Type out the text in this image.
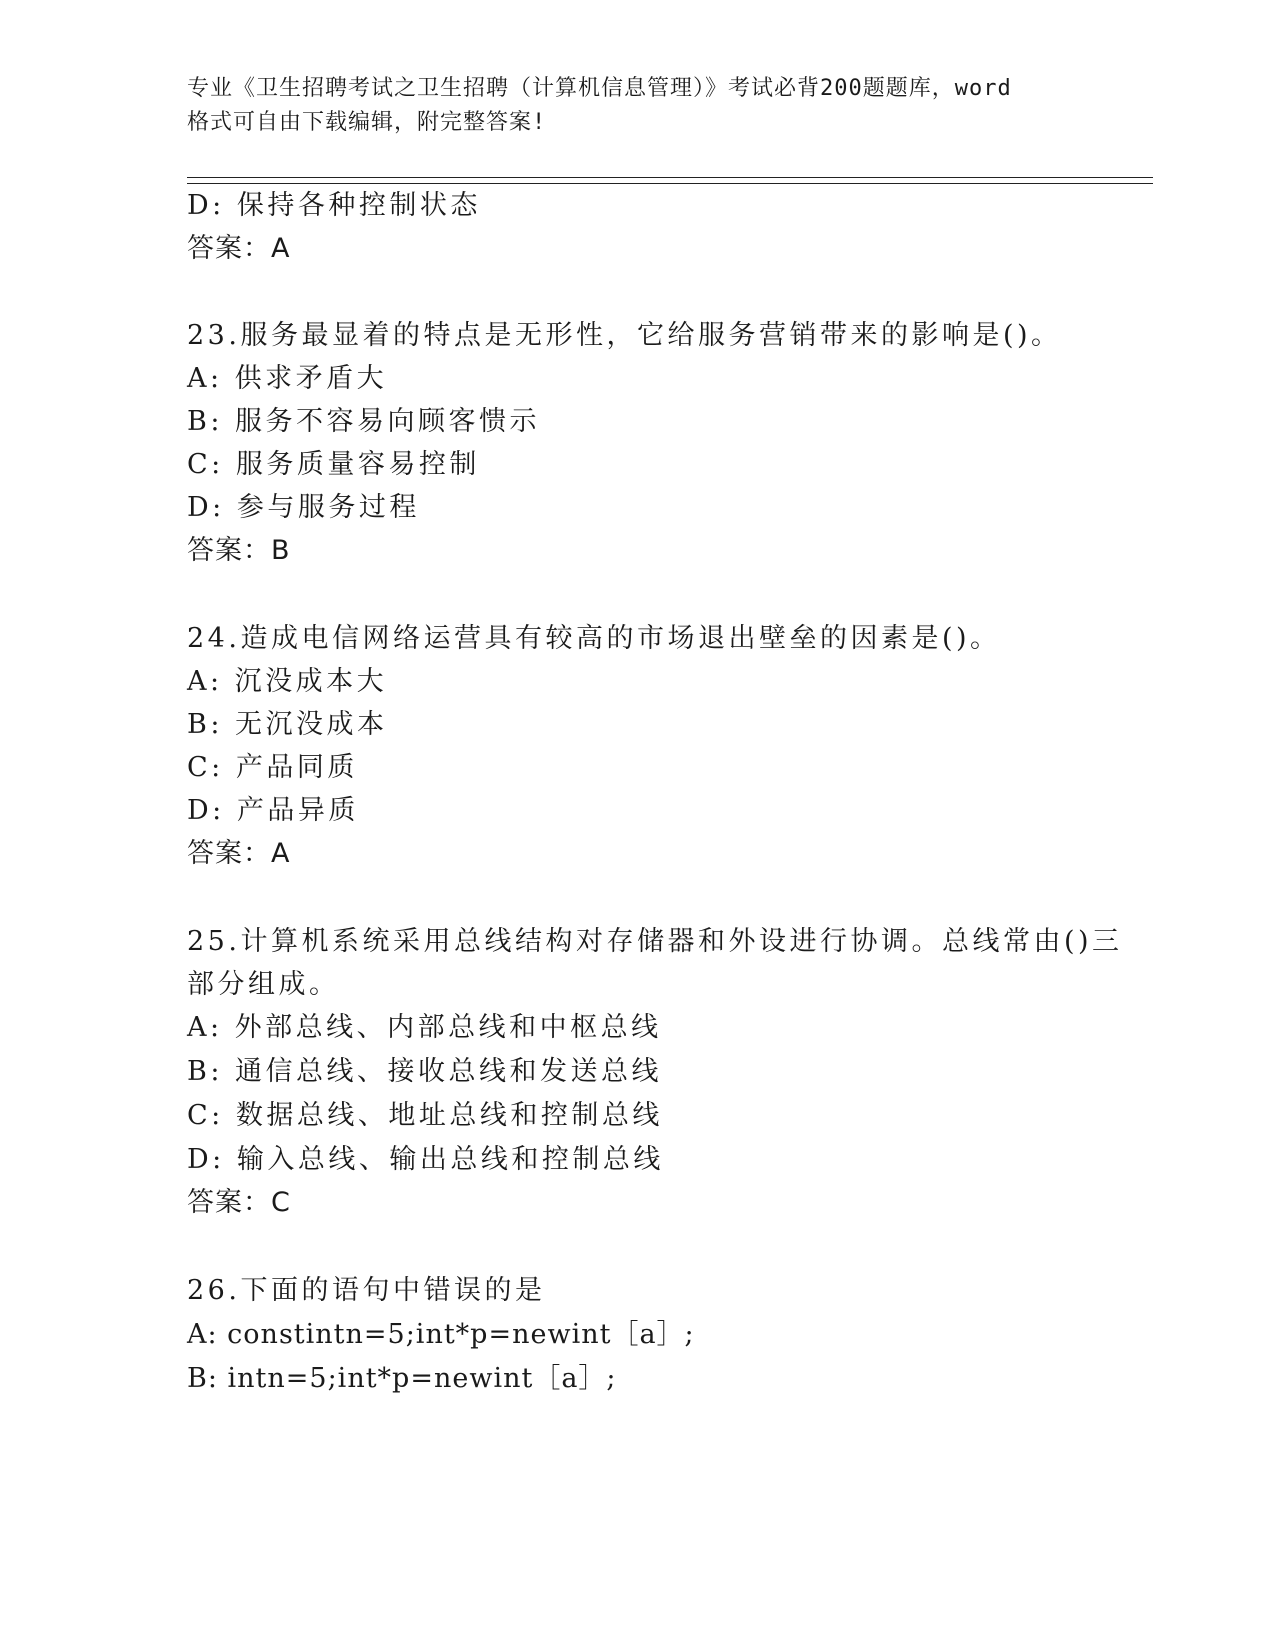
专业《卫生招聘考试之卫生招聘（计算机信息管理）》考试必背200题题库，word
格式可自由下载编辑，附完整答案!
D: 保持各种控制状态
答案：A
23.服务最显着的特点是无形性，它给服务营销带来的影响是()。
A: 供求矛盾大
B: 服务不容易向顾客愦示
C: 服务质量容易控制
D: 参与服务过程
答案：B
24.造成电信网络运营具有较高的市场退出壁垒的因素是()。
A: 沉没成本大
B: 无沉没成本
C: 产品同质
D: 产品异质
答案：A
25.计算机系统采用总线结构对存储器和外设进行协调。总线常由()三
部分组成。
A: 外部总线、内部总线和中枢总线
B: 通信总线、接收总线和发送总线
C: 数据总线、地址总线和控制总线
D: 输入总线、输出总线和控制总线
答案：C
26.下面的语句中错误的是
A: constintn=5;int*p=newint［a］;
B: intn=5;int*p=newint［a］;
